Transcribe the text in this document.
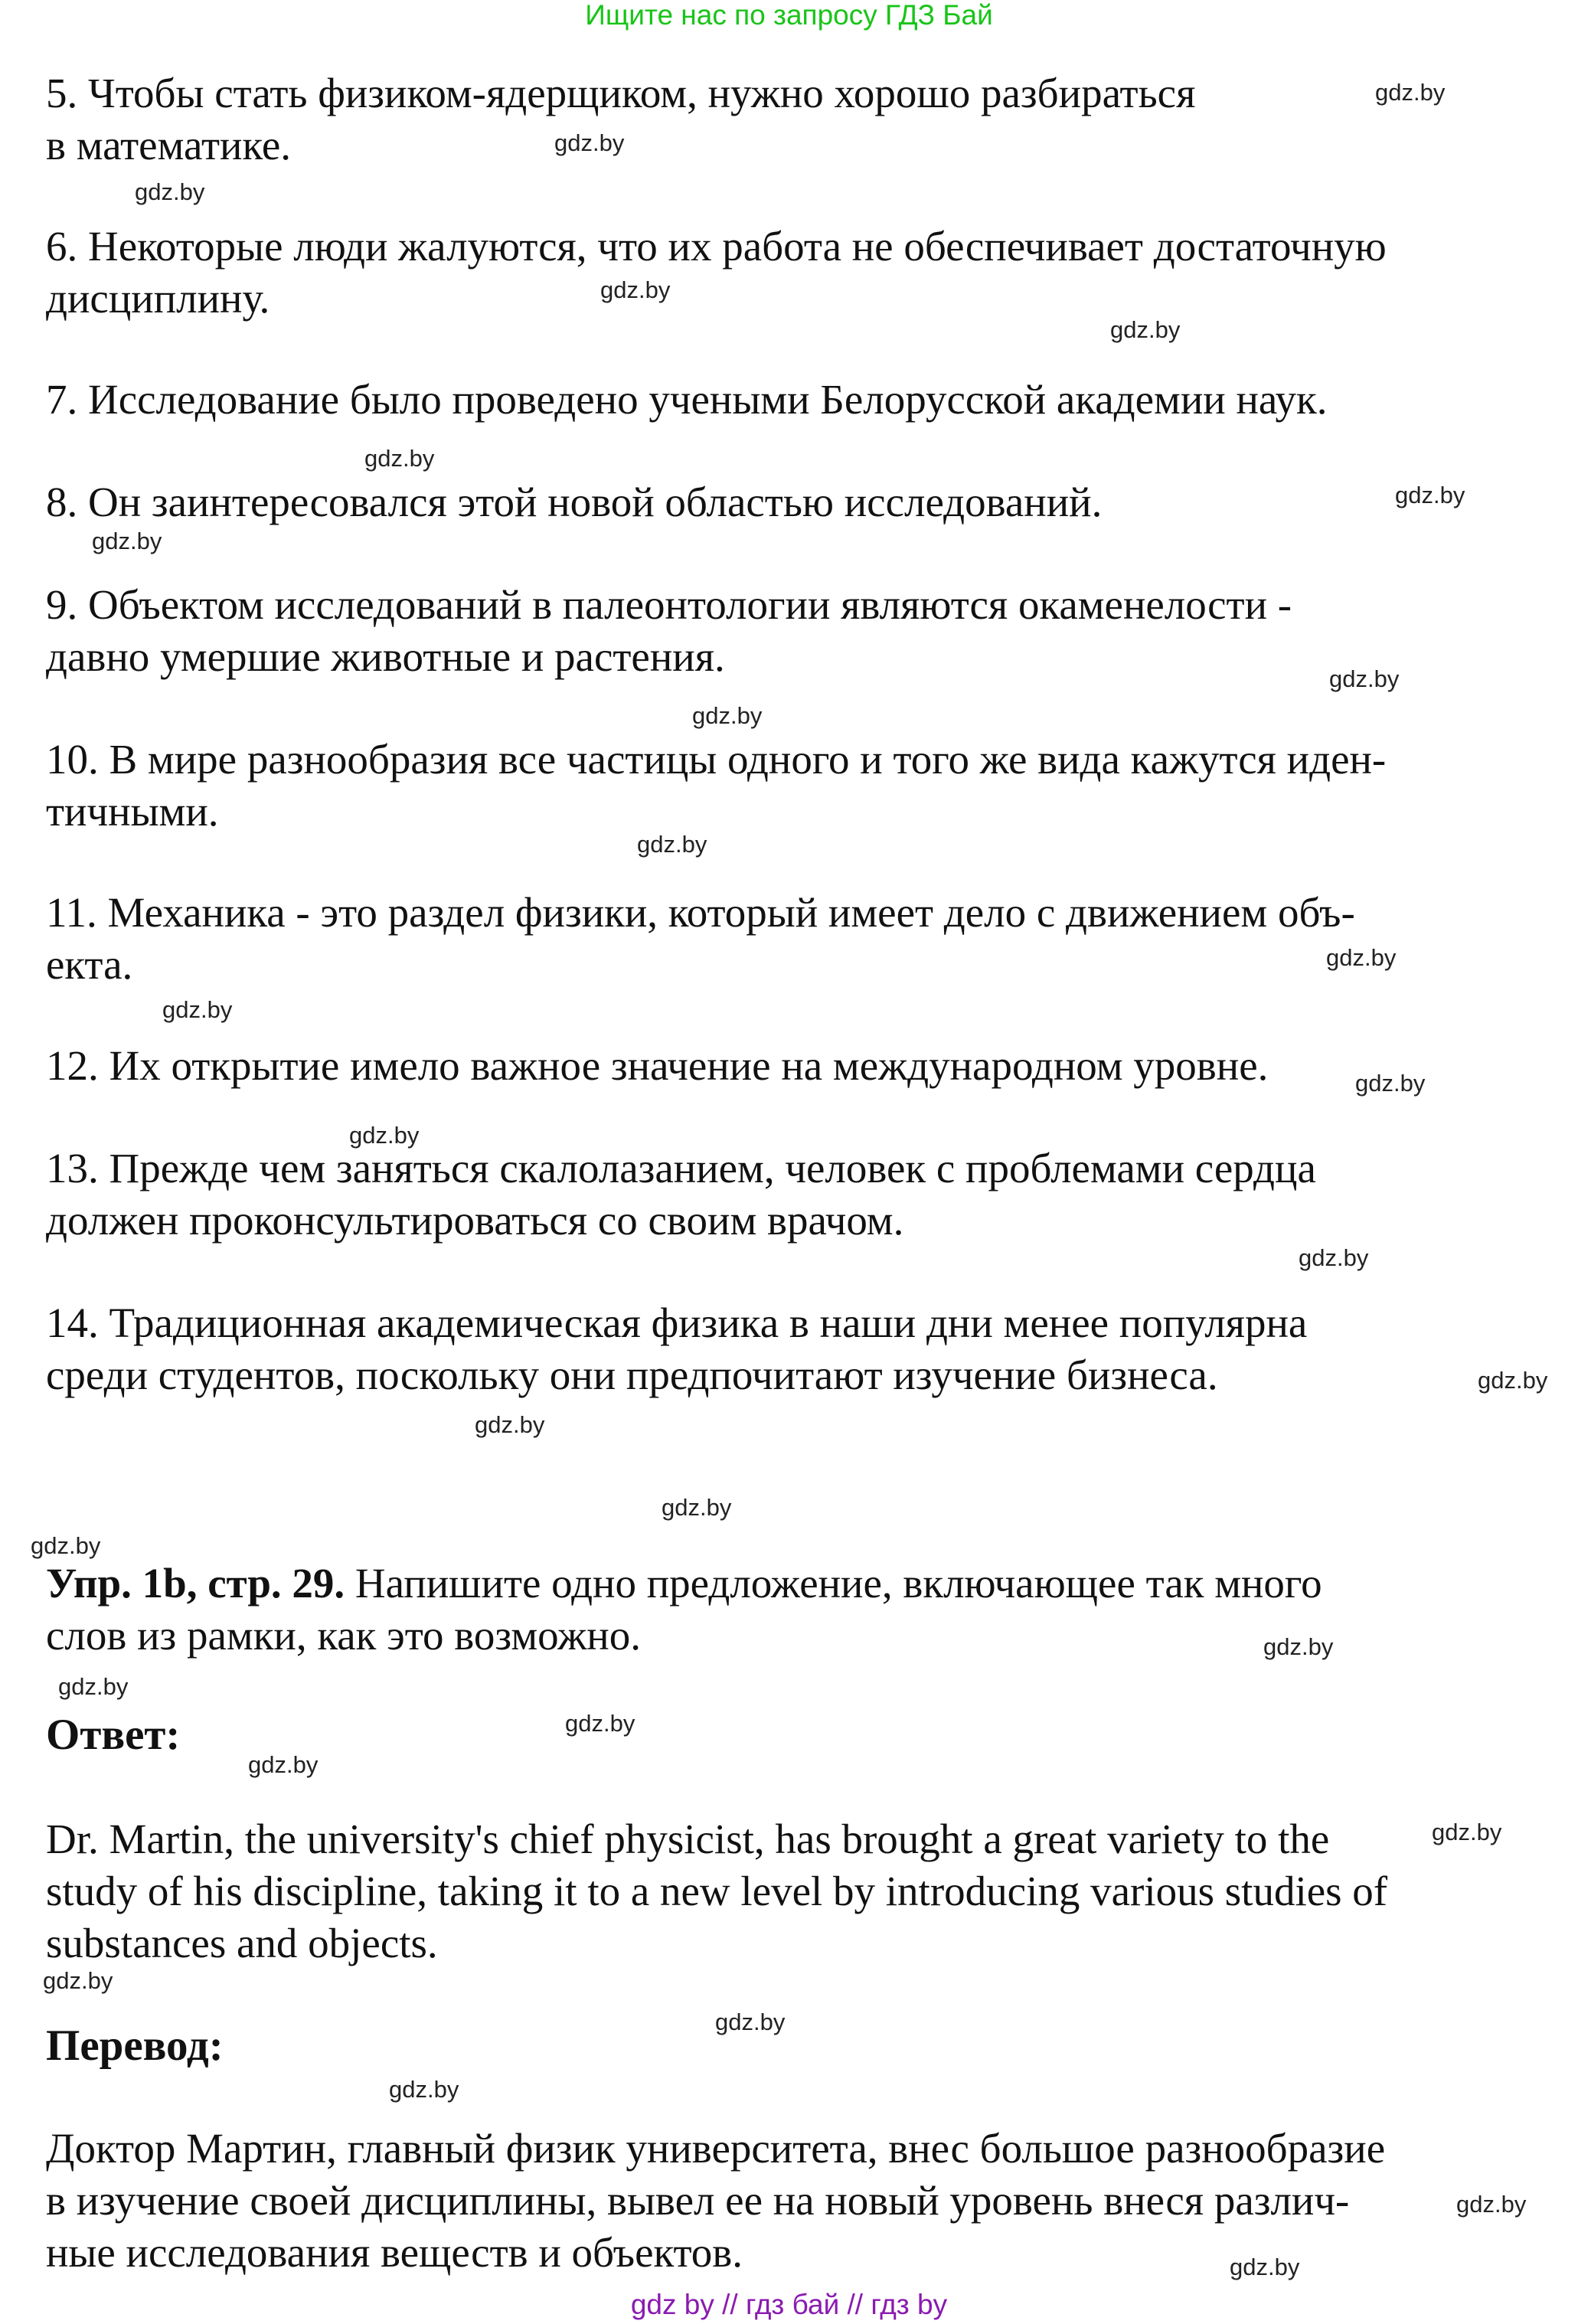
Ищите нас по запросу ГДЗ Бай

5. Чтобы стать физиком-ядерщиком, нужно хорошо разбираться
в математике.

6. Некоторые люди жалуются, что их работа не обеспечивает достаточную
дисциплину.

7. Исследование было проведено учеными Белорусской академии наук.

8. Он заинтересовался этой новой областью исследований.

9. Объектом исследований в палеонтологии являются окаменелости -
давно умершие животные и растения.

10. В мире разнообразия все частицы одного и того же вида кажутся иден-
тичными.

11. Механика - это раздел физики, который имеет дело с движением объ-
екта.

12. Их открытие имело важное значение на международном уровне.

13. Прежде чем заняться скалолазанием, человек с проблемами сердца
должен проконсультироваться со своим врачом.

14. Традиционная академическая физика в наши дни менее популярна
среди студентов, поскольку они предпочитают изучение бизнеса.

Упр. 1b, стр. 29. Напишите одно предложение, включающее так много
слов из рамки, как это возможно.

Ответ:

Dr. Martin, the university's chief physicist, has brought a great variety to the
study of his discipline, taking it to a new level by introducing various studies of
substances and objects.

Перевод:

Доктор Мартин, главный физик университета, внес большое разнообразие
в изучение своей дисциплины, вывел ее на новый уровень внеся различ-
ные исследования веществ и объектов.

gdz.by
gdz.by
gdz.by
gdz.by
gdz.by
gdz.by
gdz.by
gdz.by
gdz.by
gdz.by
gdz.by
gdz.by
gdz.by
gdz.by
gdz.by
gdz.by
gdz.by
gdz.by
gdz.by
gdz.by
gdz.by
gdz.by
gdz.by
gdz.by
gdz.by
gdz.by
gdz.by
gdz.by
gdz.by
gdz.by
gdz by // гдз бай // гдз by
